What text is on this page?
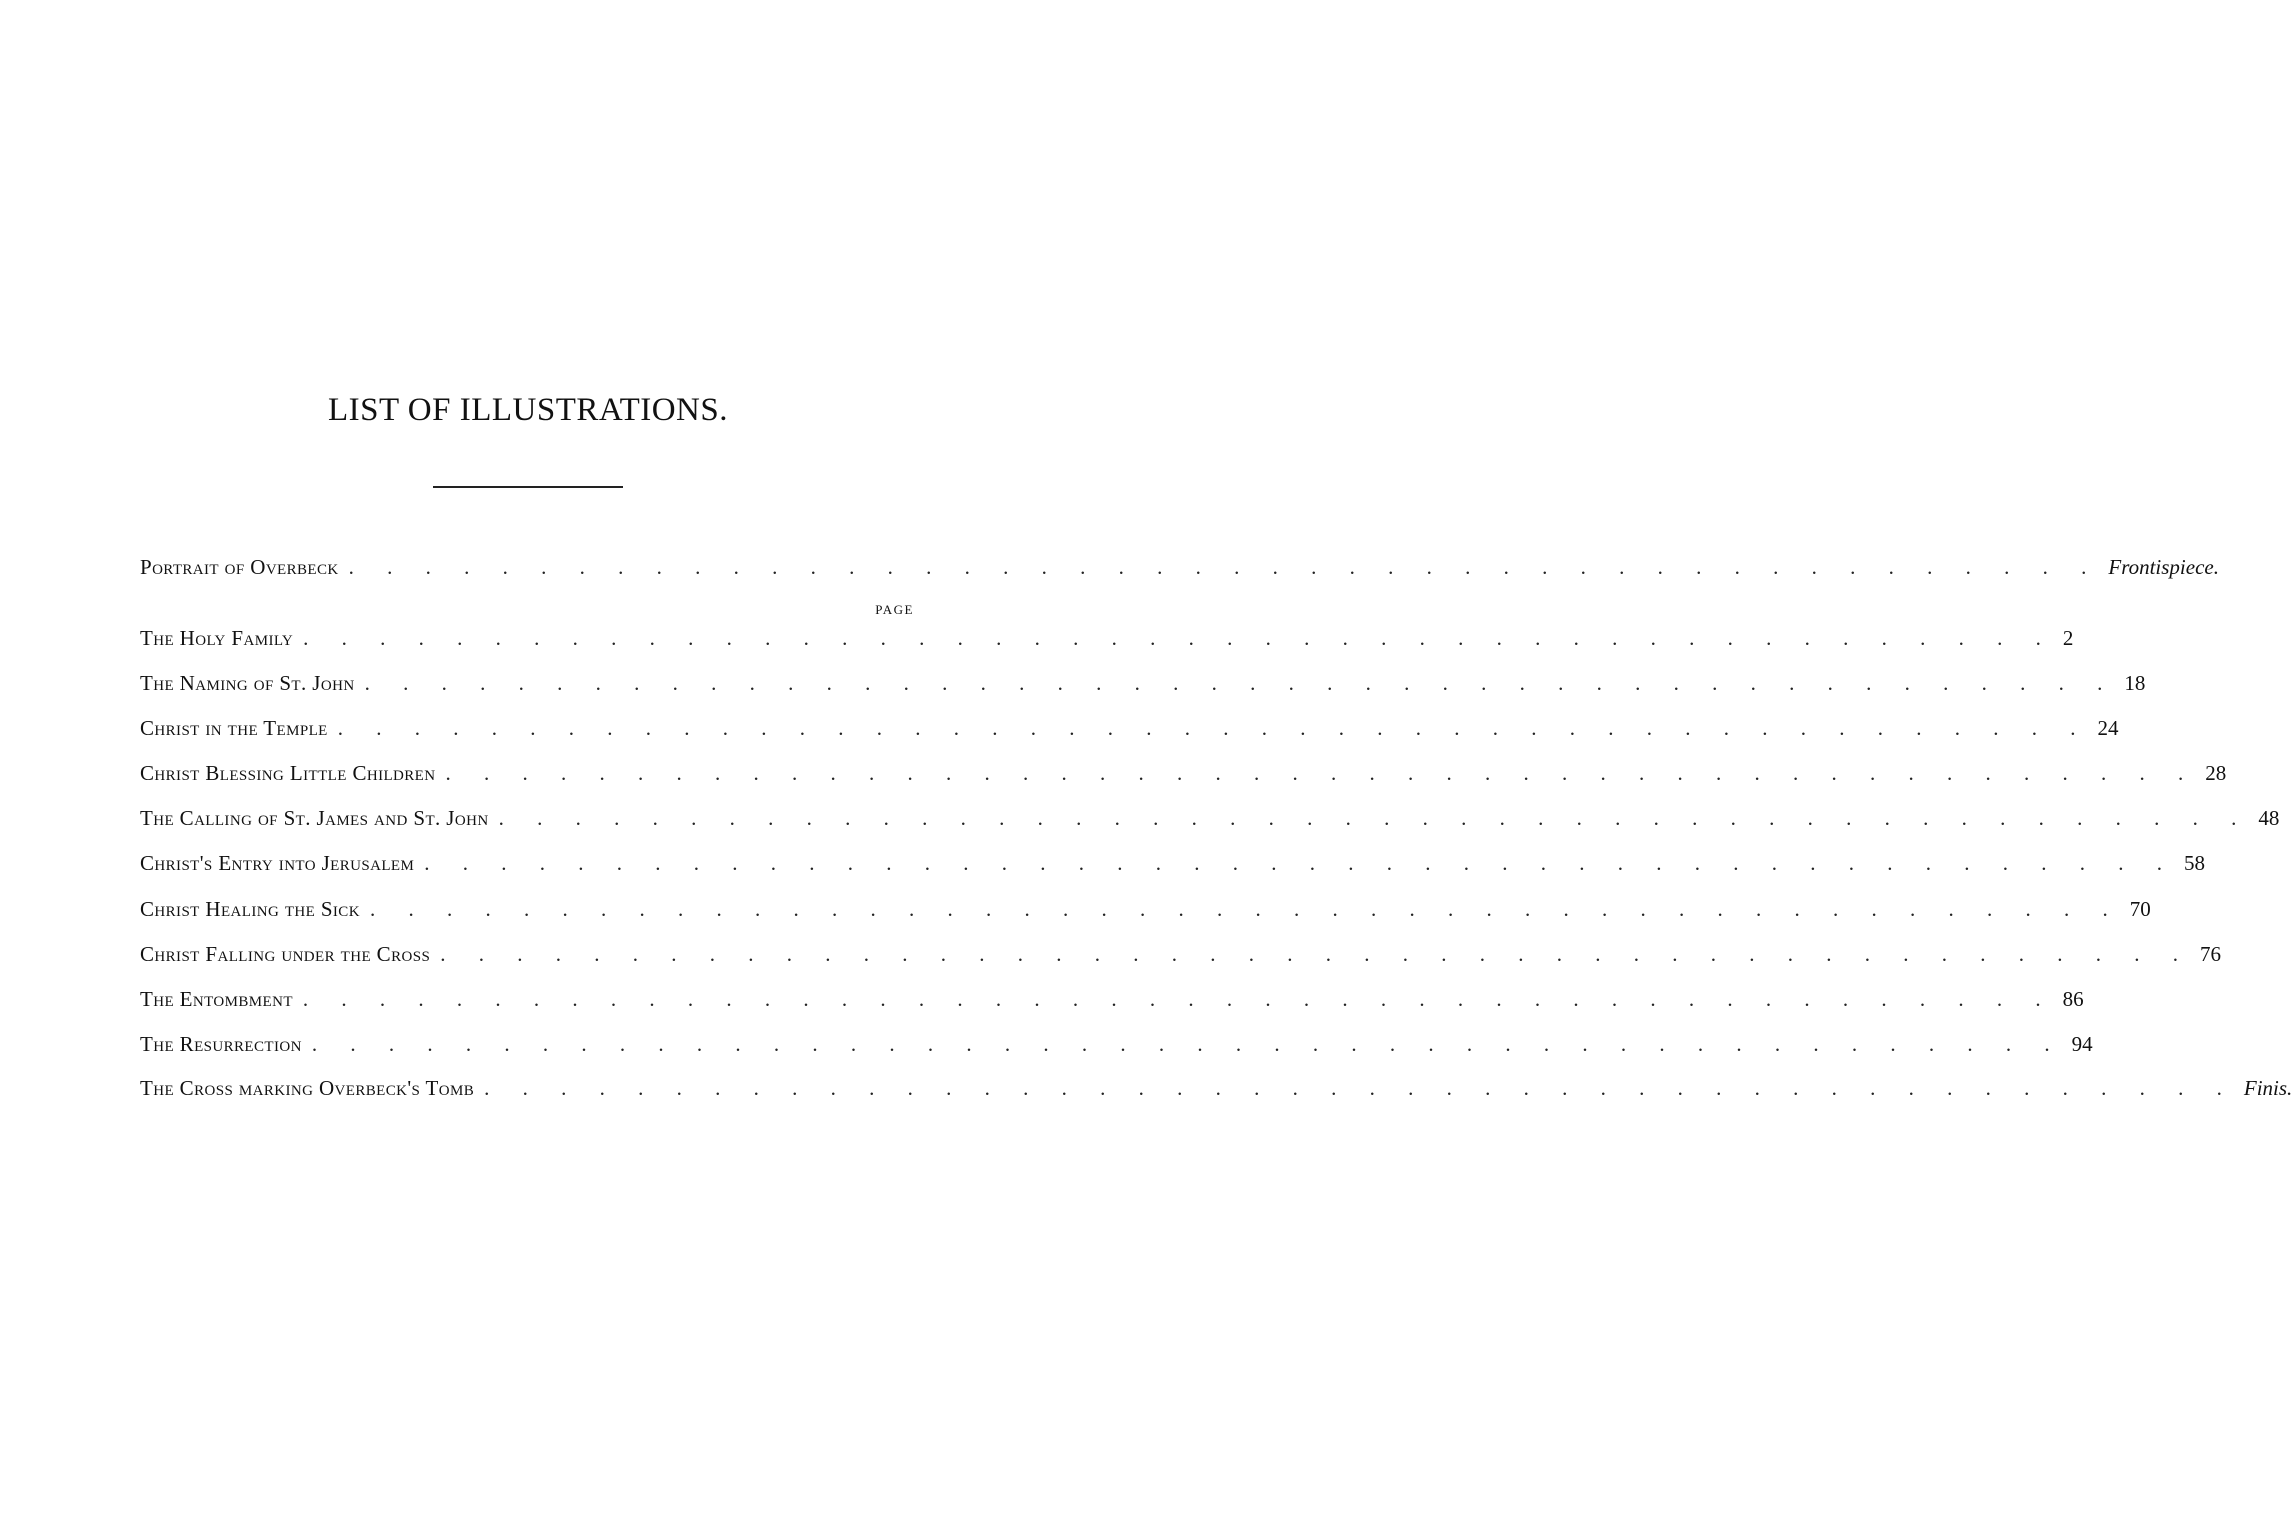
LIST OF ILLUSTRATIONS.
Portrait of Overbeck . . . . . . . . . . . . . . . . . . . . . . . . . . . . . . . . . . . . . . . . . . . . . . Frontispiece.
PAGE
The Holy Family . . . . . . . . . . . . . . . . . . . . . . . . . . . . . . . . . . . . . . . . . . . . . . 2
The Naming of St. John . . . . . . . . . . . . . . . . . . . . . . . . . . . . . . . . . . . . . . . . . . . . . . 18
Christ in the Temple . . . . . . . . . . . . . . . . . . . . . . . . . . . . . . . . . . . . . . . . . . . . . . 24
Christ Blessing Little Children . . . . . . . . . . . . . . . . . . . . . . . . . . . . . . . . . . . . . . . . . . . . . . 28
The Calling of St. James and St. John . . . . . . . . . . . . . . . . . . . . . . . . . . . . . . . . . . . . . . . . . . . . . . 48
Christ's Entry into Jerusalem . . . . . . . . . . . . . . . . . . . . . . . . . . . . . . . . . . . . . . . . . . . . . . 58
Christ Healing the Sick . . . . . . . . . . . . . . . . . . . . . . . . . . . . . . . . . . . . . . . . . . . . . . 70
Christ Falling under the Cross . . . . . . . . . . . . . . . . . . . . . . . . . . . . . . . . . . . . . . . . . . . . . . 76
The Entombment . . . . . . . . . . . . . . . . . . . . . . . . . . . . . . . . . . . . . . . . . . . . . . 86
The Resurrection . . . . . . . . . . . . . . . . . . . . . . . . . . . . . . . . . . . . . . . . . . . . . . 94
The Cross marking Overbeck's Tomb . . . . . . . . . . . . . . . . . . . . . . . . . . . . . . . . . . . . . . . . . . . . . . Finis.
